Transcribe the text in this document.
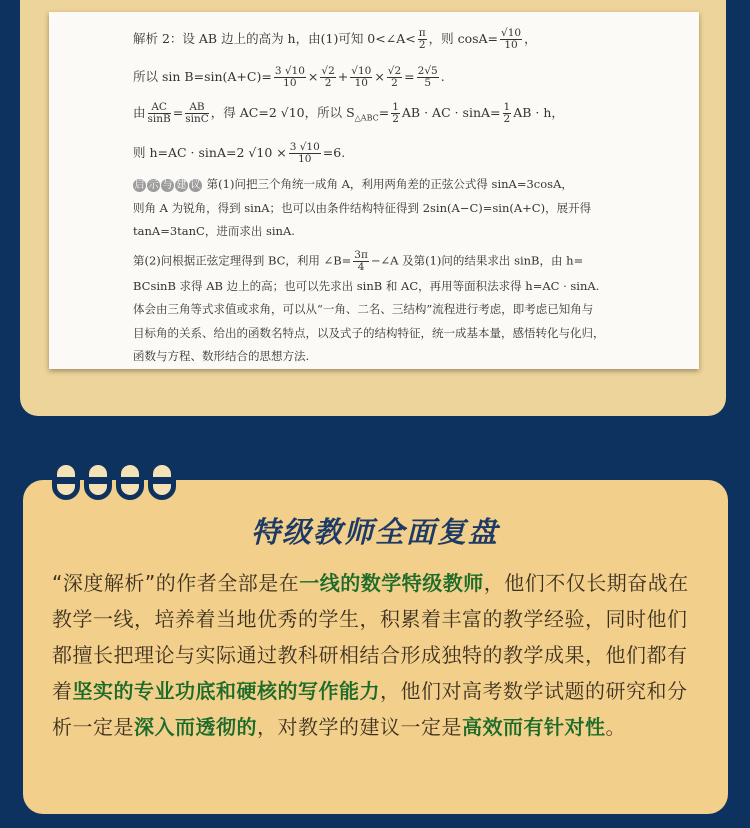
解析 2：设 AB 边上的高为 h，由(1)可知 0<∠A< $\frac{\pi}{2}$ ，则 $\cos A= \frac{√10}{10}$ ，
所以 $\sin B=\sin(A+C)= \frac{3 √10}{10} \times \frac{√2}{2} + \frac{√10}{10} \times \frac{√2}{2} = \frac{2√5}{5}$ .
由 $\frac{AC}{\sin B} = \frac{AB}{\sin C}$ ，得 AC=2 √10，所以 $S_{\triangle ABC}= \frac{1}{2}$ AB · AC · $\sin A= \frac{1}{2}$ AB · h，
则 h=AC · sinA=2 $√10 \times \frac{3 √10}{10} =6$.
启 示 与 建 议 第(1)问把三个角统一成角 A，利用两角差的正弦公式得 sinA=3cosA，
则角 A 为锐角，得到 sinA；也可以由条件结构特征得到 2sin(A−C)=sin(A+C)，展开得
tanA=3tanC，进而求出 sinA.
第(2)问根据正弦定理得到 BC，利用 ∠B= $\frac{3\pi}{4}$ −∠A 及第(1)问的结果求出 sinB，由 h=
BCsinB 求得 AB 边上的高；也可以先求出 sinB 和 AC，再用等面积法求得 h=AC · sinA.
体会由三角等式求值或求角，可以从“一角、二名、三结构”流程进行考虑，即考虑已知角与
目标角的关系、给出的函数名特点，以及式子的结构特征，统一成基本量，感悟转化与化归，
函数与方程、数形结合的思想方法.
特级教师全面复盘
“深度解析”的作者全部是在一线的数学特级教师，他们不仅长期奋战在教学一线，培养着当地优秀的学生，积累着丰富的教学经验，同时他们都擅长把理论与实际通过教科研相结合形成独特的教学成果，他们都有着坚实的专业功底和硬核的写作能力，他们对高考数学试题的研究和分析一定是深入而透彻的，对教学的建议一定是高效而有针对性。
